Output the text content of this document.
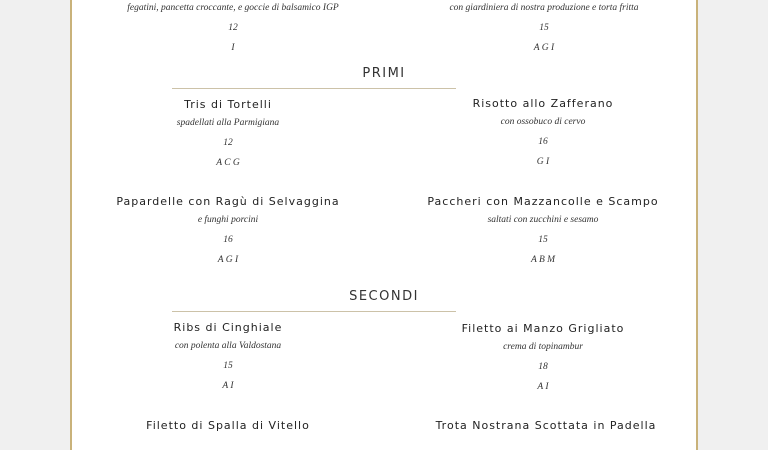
fegatini, pancetta croccante, e goccie di balsamico IGP
12
I
con giardiniera di nostra produzione e torta fritta
15
A G I
PRIMI
Tris di Tortelli
spadellati alla Parmigiana
12
A C G
Risotto allo Zafferano
con ossobuco di cervo
16
G I
Papardelle con Ragù di Selvaggina
e funghi porcini
16
A G I
Paccheri con Mazzancolle e Scampo
saltati con zucchini e sesamo
15
A B M
SECONDI
Ribs di Cinghiale
con polenta alla Valdostana
15
A I
Filetto ai Manzo Grigliato
crema di topinambur
18
A I
Filetto di Spalla di Vitello	Trota Nostrana Scottata in Padella
